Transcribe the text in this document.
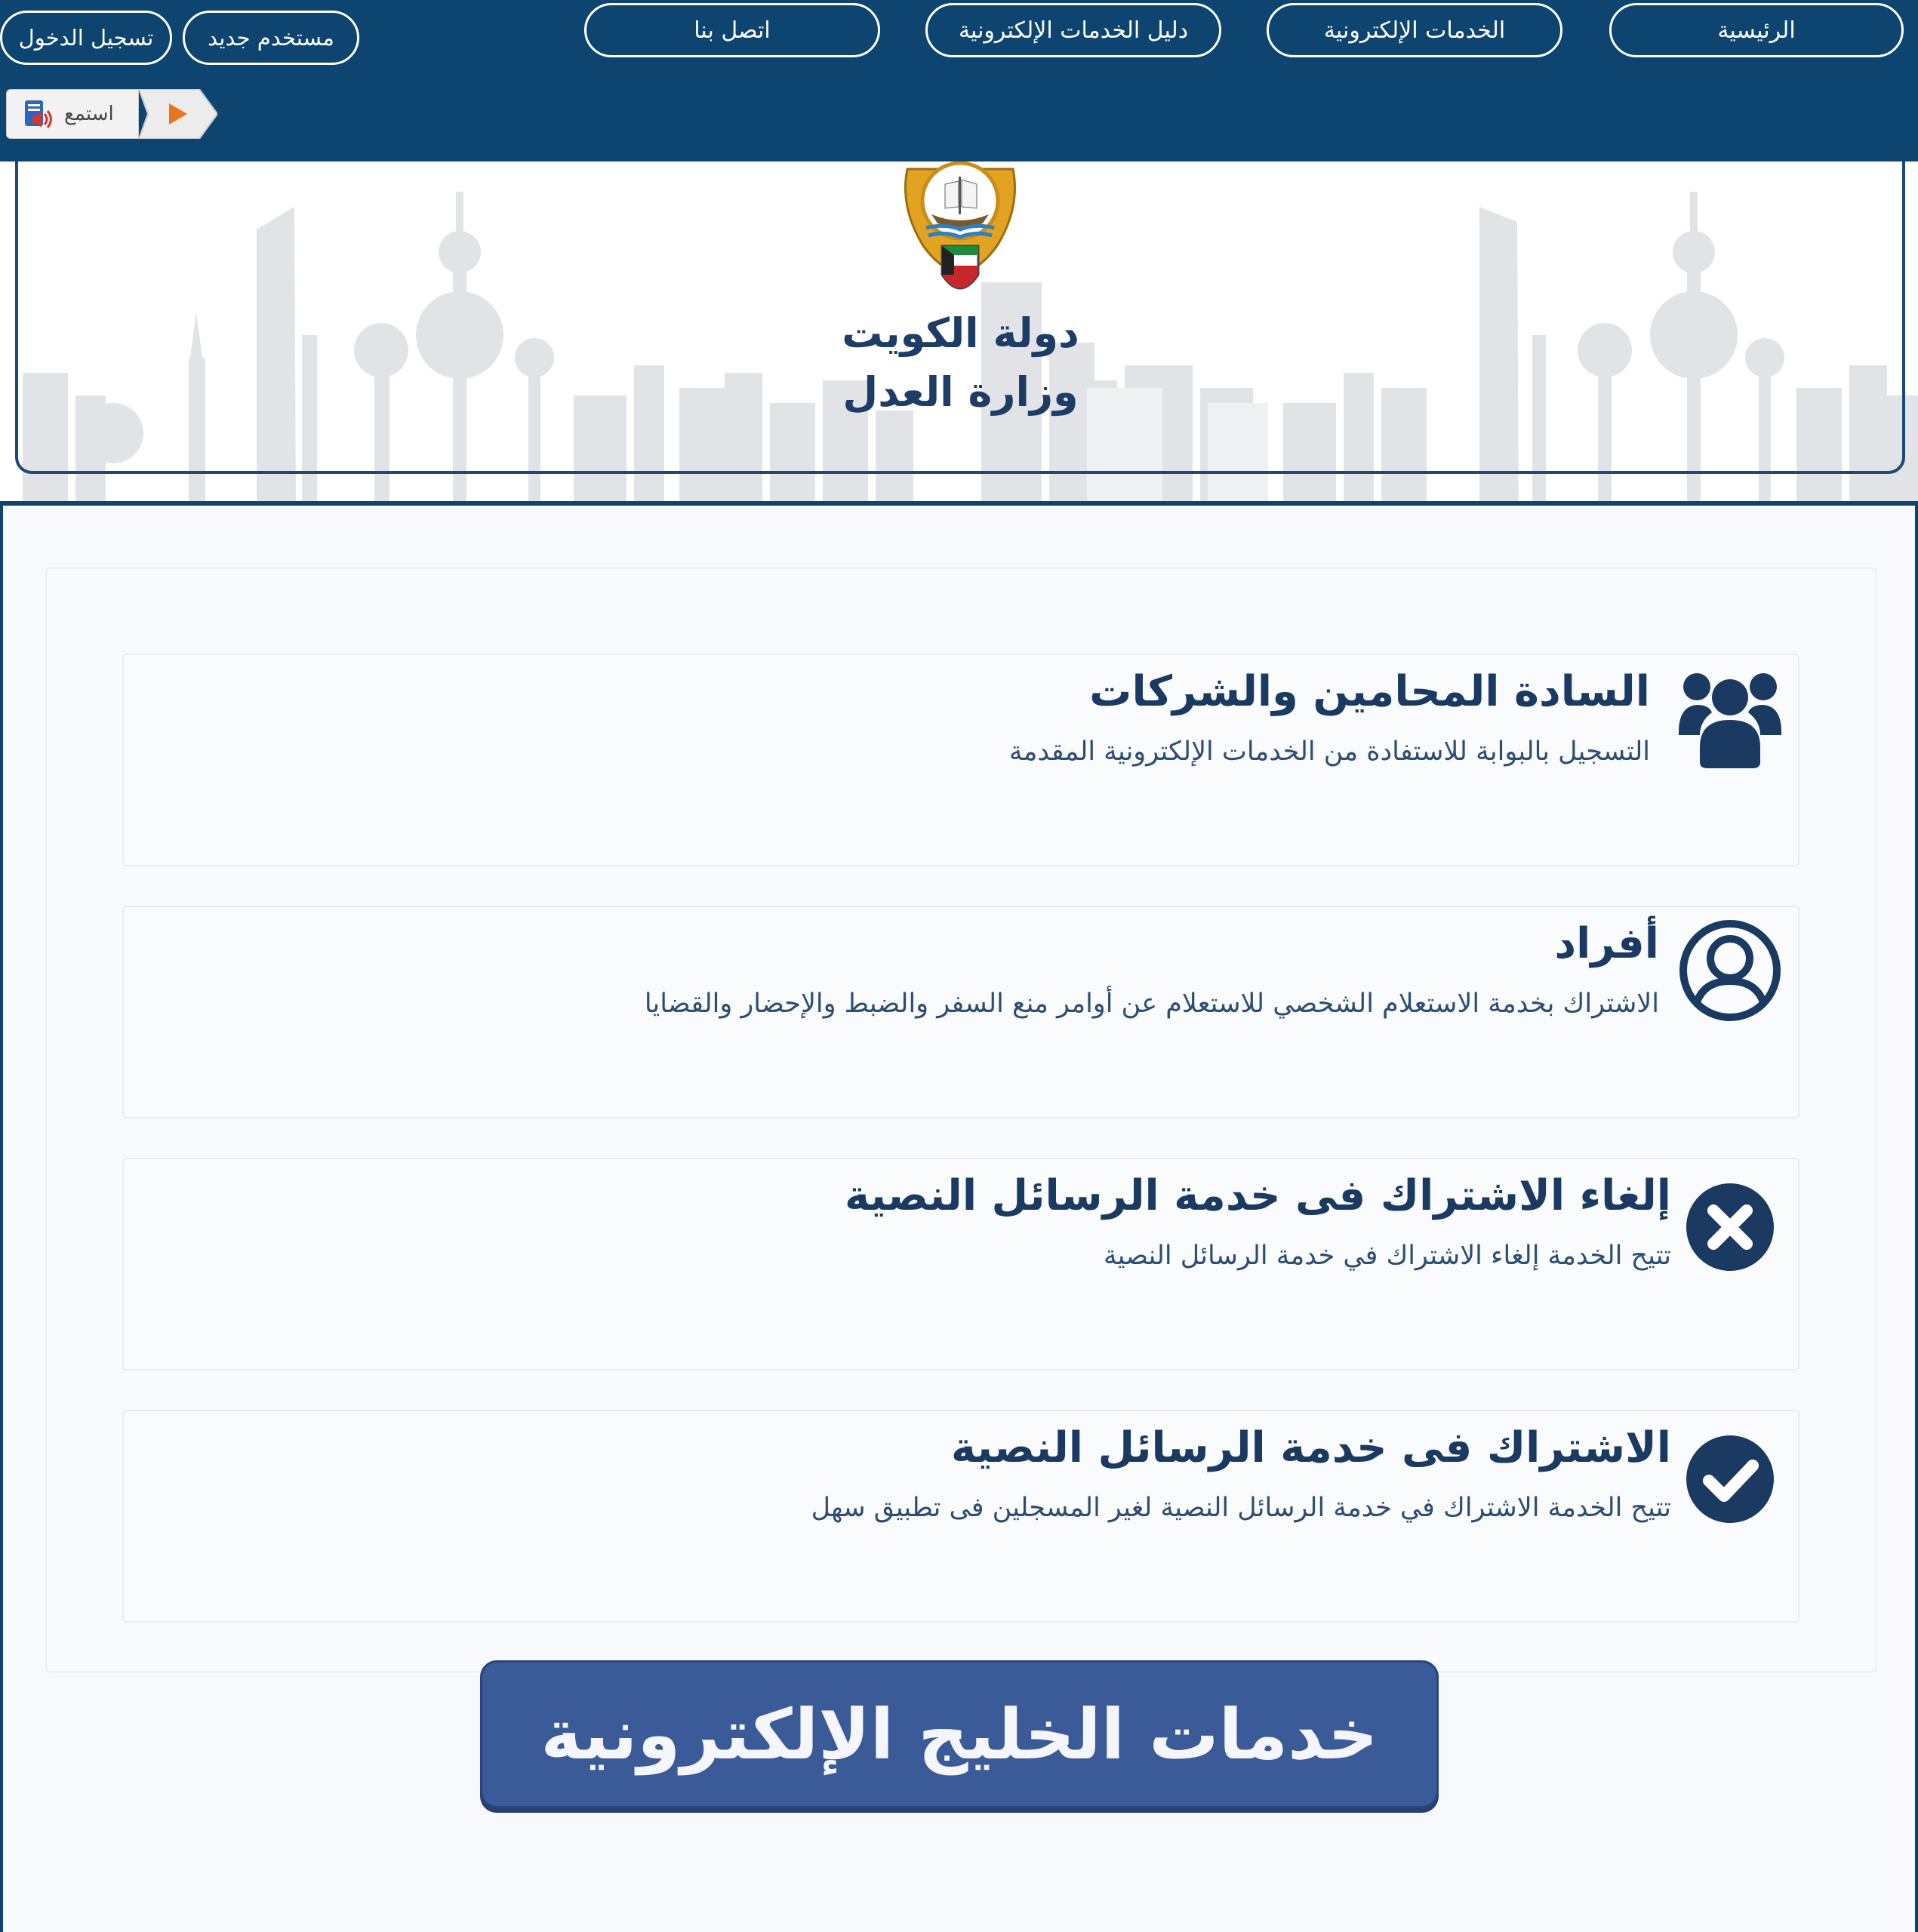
الرئيسية
الخدمات الإلكترونية
دليل الخدمات الإلكترونية
اتصل بنا
مستخدم جديد
تسجيل الدخول
استمع
دولة الكويت
وزارة العدل
السادة المحامين والشركات
التسجيل بالبوابة للاستفادة من الخدمات الإلكترونية المقدمة
أفراد
الاشتراك بخدمة الاستعلام الشخصي للاستعلام عن أوامر منع السفر والضبط والإحضار والقضايا
إلغاء الاشتراك فى خدمة الرسائل النصية
تتيح الخدمة إلغاء الاشتراك في خدمة الرسائل النصية
الاشتراك فى خدمة الرسائل النصية
تتيح الخدمة الاشتراك في خدمة الرسائل النصية لغير المسجلين فى تطبيق سهل
خدمات الخليج الإلكترونية
